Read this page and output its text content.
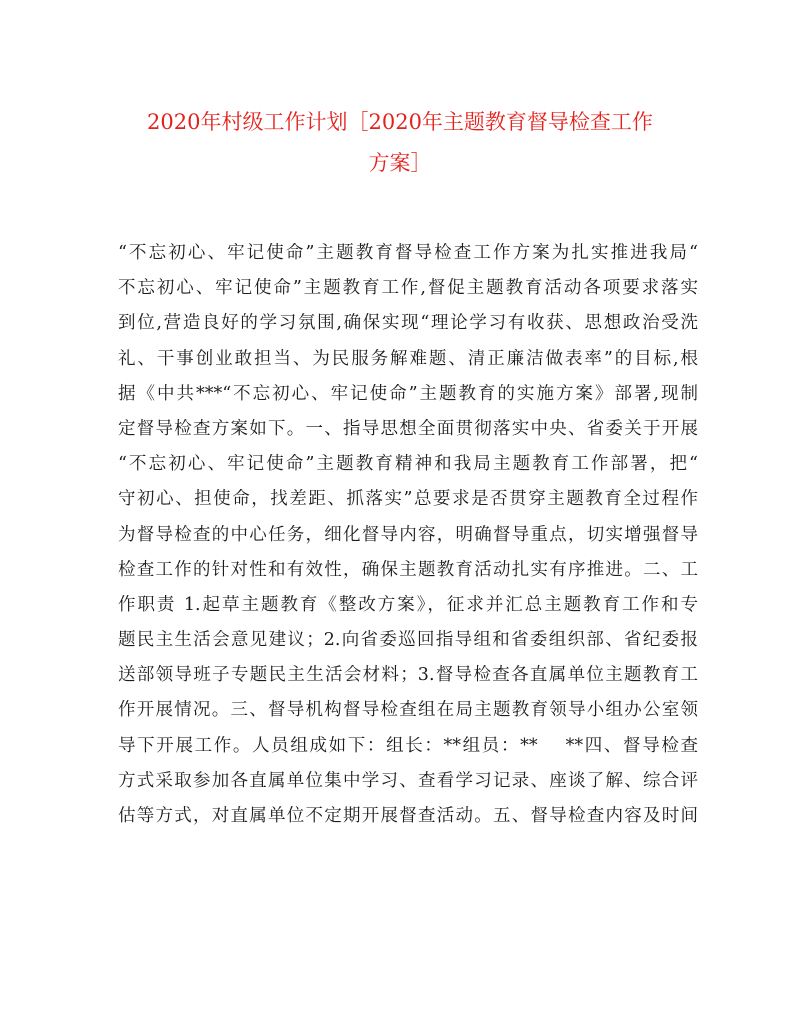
2020年村级工作计划［2020年主题教育督导检查工作
方案］
“不忘初心、牢记使命”主题教育督导检查工作方案为扎实推进我局“
不忘初心、牢记使命”主题教育工作,督促主题教育活动各项要求落实
到位,营造良好的学习氛围,确保实现“理论学习有收获、思想政治受洗
礼、干事创业敢担当、为民服务解难题、清正廉洁做表率”的目标,根
据《中共***“不忘初心、牢记使命”主题教育的实施方案》部署,现制
定督导检查方案如下。一、指导思想全面贯彻落实中央、省委关于开展
“不忘初心、牢记使命”主题教育精神和我局主题教育工作部署，把“
守初心、担使命，找差距、抓落实”总要求是否贯穿主题教育全过程作
为督导检查的中心任务，细化督导内容，明确督导重点，切实增强督导
检查工作的针对性和有效性，确保主题教育活动扎实有序推进。二、工
作职责 1.起草主题教育《整改方案》，征求并汇总主题教育工作和专
题民主生活会意见建议；2.向省委巡回指导组和省委组织部、省纪委报
送部领导班子专题民主生活会材料；3.督导检查各直属单位主题教育工
作开展情况。三、督导机构督导检查组在局主题教育领导小组办公室领
导下开展工作。人员组成如下：组长：**组员：**　 **四、督导检查
方式采取参加各直属单位集中学习、查看学习记录、座谈了解、综合评
估等方式，对直属单位不定期开展督查活动。五、督导检查内容及时间
